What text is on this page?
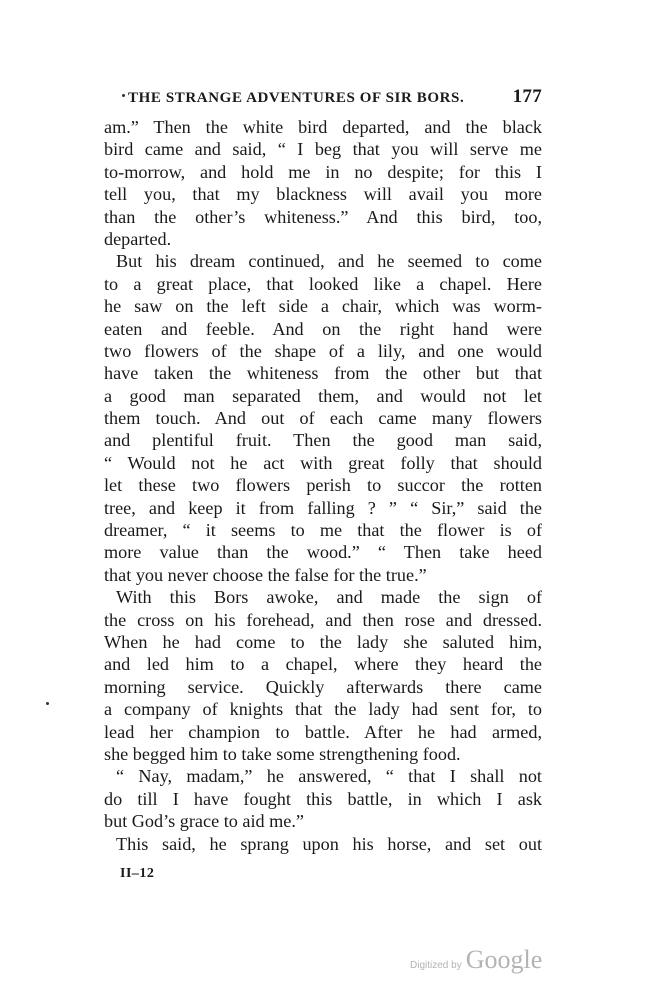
THE STRANGE ADVENTURES OF SIR BORS.	177
am.” Then the white bird departed, and the black
bird came and said, “ I beg that you will serve me
to-morrow, and hold me in no despite; for this I
tell you, that my blackness will avail you more
than the other’s whiteness.” And this bird, too,
departed.
But his dream continued, and he seemed to come
to a great place, that looked like a chapel. Here
he saw on the left side a chair, which was worm-
eaten and feeble. And on the right hand were
two flowers of the shape of a lily, and one would
have taken the whiteness from the other but that
a good man separated them, and would not let
them touch. And out of each came many flowers
and plentiful fruit. Then the good man said,
“ Would not he act with great folly that should
let these two flowers perish to succor the rotten
tree, and keep it from falling ? ” “ Sir,” said the
dreamer, “ it seems to me that the flower is of
more value than the wood.” “ Then take heed
that you never choose the false for the true.”
With this Bors awoke, and made the sign of
the cross on his forehead, and then rose and dressed.
When he had come to the lady she saluted him,
and led him to a chapel, where they heard the
morning service. Quickly afterwards there came
a company of knights that the lady had sent for, to
lead her champion to battle. After he had armed,
she begged him to take some strengthening food.
“ Nay, madam,” he answered, “ that I shall not
do till I have fought this battle, in which I ask
but God’s grace to aid me.”
This said, he sprang upon his horse, and set out
II–12
Digitized by Google
